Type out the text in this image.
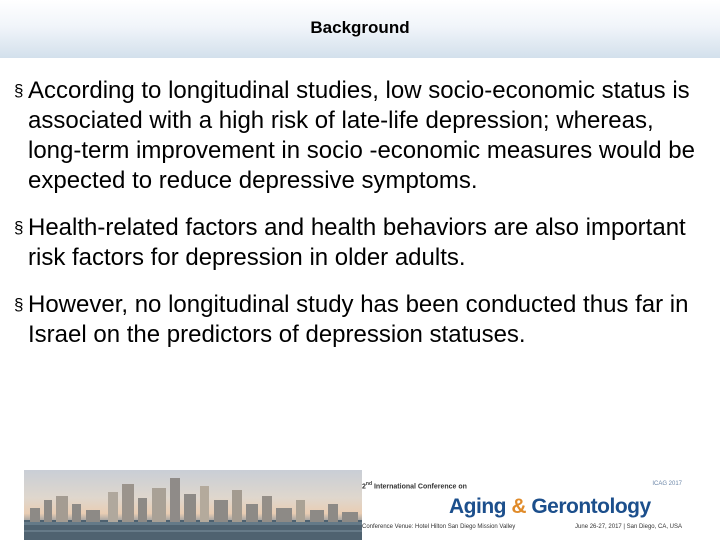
Background
§ According to longitudinal studies, low socio-economic status is associated with a high risk of late-life depression; whereas, long-term improvement in socio -economic measures would be expected to reduce depressive symptoms.
§ Health-related factors and health behaviors are also important risk factors for depression in older adults.
§ However, no longitudinal study has been conducted thus far in Israel on the predictors of depression statuses.
2nd International Conference on	ICAG 2017
Aging & Gerontology
Conference Venue: Hotel Hilton San Diego Mission Valley	June 26-27, 2017 | San Diego, CA, USA
